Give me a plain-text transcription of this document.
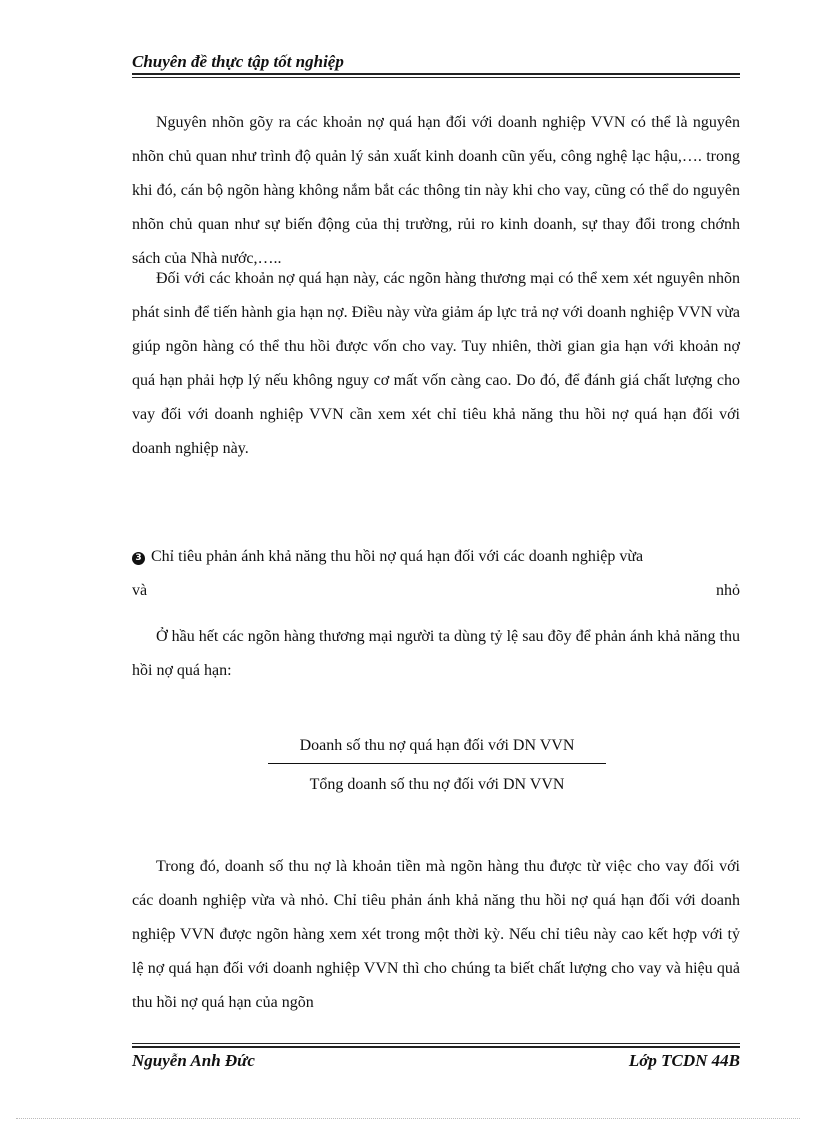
Chuyên đề thực tập tốt nghiệp

Nguyên nhõn gõy ra các khoản nợ quá hạn đối với doanh nghiệp VVN có thể là nguyên nhõn chủ quan như trình độ quản lý sản xuất kinh doanh cũn yếu, công nghệ lạc hậu,…. trong khi đó, cán bộ ngõn hàng không nắm bắt các thông tin này khi cho vay, cũng có thể do nguyên nhõn chủ quan như sự biến động của thị trường, rủi ro kinh doanh, sự thay đổi trong chớnh sách của Nhà nước,…..

Đối với các khoản nợ quá hạn này, các ngõn hàng thương mại có thể xem xét nguyên nhõn phát sinh để tiến hành gia hạn nợ. Điều này vừa giảm áp lực trả nợ với doanh nghiệp VVN vừa giúp ngõn hàng có thể thu hồi được vốn cho vay. Tuy nhiên, thời gian gia hạn với khoản nợ quá hạn phải hợp lý nếu không nguy cơ mất vốn càng cao. Do đó, để đánh giá chất lượng cho vay đối với doanh nghiệp VVN cần xem xét chỉ tiêu khả năng thu hồi nợ quá hạn đối với doanh nghiệp này.

3 Chỉ tiêu phản ánh khả năng thu hồi nợ quá hạn đối với các doanh nghiệp vừa

và	nhỏ

Ở hầu hết các ngõn hàng thương mại người ta dùng tỷ lệ sau đõy để phản ánh khả năng thu hồi nợ quá hạn:

Doanh số thu nợ quá hạn đối với DN VVN
Tổng doanh số thu nợ đối với DN VVN

Trong đó, doanh số thu nợ là khoản tiền mà ngõn hàng thu được từ việc cho vay đối với các doanh nghiệp vừa và nhỏ. Chỉ tiêu phản ánh khả năng thu hồi nợ quá hạn đối với doanh nghiệp VVN được ngõn hàng xem xét trong một thời kỳ. Nếu chỉ tiêu này cao kết hợp với tỷ lệ nợ quá hạn đối với doanh nghiệp VVN thì cho chúng ta biết chất lượng cho vay và hiệu quả thu hồi nợ quá hạn của ngõn

Nguyễn Anh Đức	Lớp TCDN 44B
